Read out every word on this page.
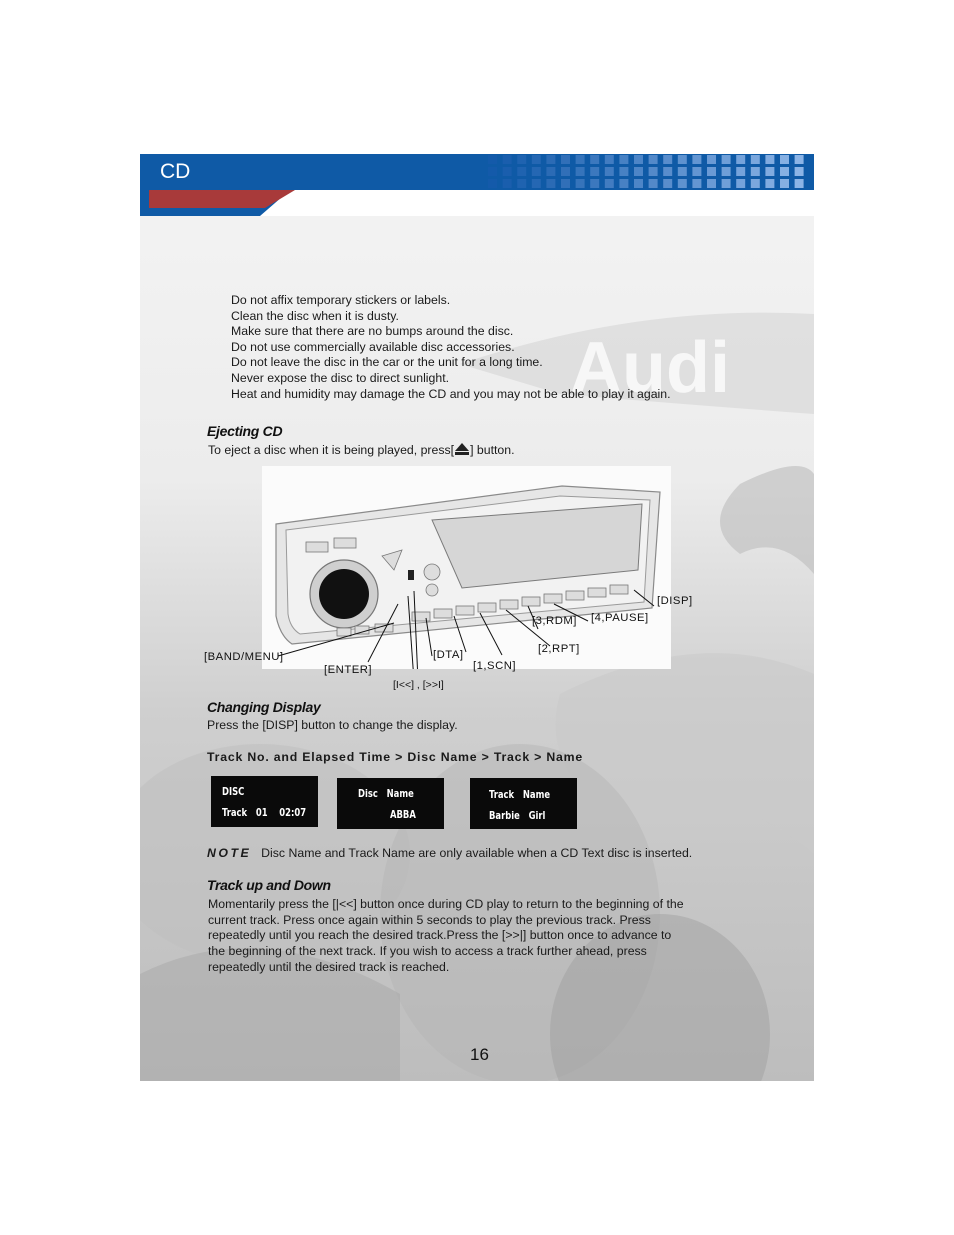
Audi
CD
Do not affix temporary stickers or labels.
Clean the disc when it is dusty.
Make sure that there are no bumps around the disc.
Do not use commercially available disc accessories.
Do not leave the disc in the car or the unit for a long time.
Never expose the disc to direct sunlight.
Heat and humidity may damage the CD and you may not be able to play it again.
Ejecting CD
To eject a disc when it is being played, press[ ] button.
[DISP]
[4,PAUSE]
[3,RDM]
[2,RPT]
[BAND/MENU]	[DTA]
[1,SCN]
[ENTER]
[I<<] , [>>I]
Changing Display
Press the [DISP] button to change the display.
Track No. and Elapsed Time > Disc Name > Track > Name
DISC
Track   01    02:07
Disc   Name
ABBA
Track   Name
Barbie   Girl
NOTE Disc Name and Track Name are only available when a CD Text disc is inserted.
Track up and Down
Momentarily press the [|<<] button once during CD play to return to the beginning of the
current track. Press once again within 5 seconds to play the previous track. Press
repeatedly until you reach the desired track.Press the [>>|] button once to advance to
the beginning of the next track. If you wish to access a track further ahead, press
repeatedly until the desired track is reached.
16
